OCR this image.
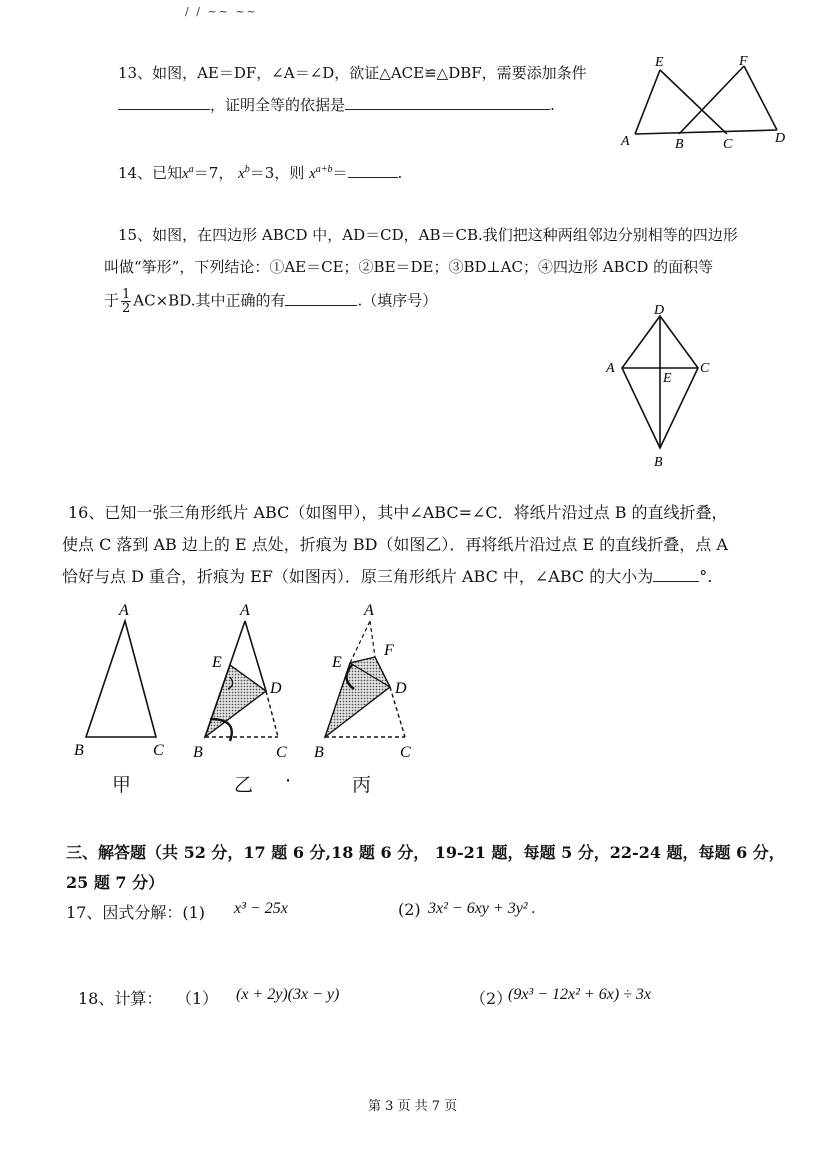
/ / ~~ ~~
13、如图，AE＝DF，∠A＝∠D，欲证△ACE≌△DBF，需要添加条件
，证明全等的依据是	.
E	F
A	B	C	D
14、已知$x^a=7$， $x^b=3$，则 $x^{a+b}=$	.
15、如图，在四边形 ABCD 中，AD＝CD，AB＝CB.我们把这种两组邻边分别相等的四边形
叫做“筝形”，下列结论：①AE＝CE；②BE＝DE；③BD⊥AC；④四边形 ABCD 的面积等
于 $\frac{1}{2} AC\times BD$.其中正确的有	.（填序号）
D
A
E
C
B
16、已知一张三角形纸片 ABC（如图甲），其中∠ABC=∠C．将纸片沿过点 B 的直线折叠，
使点 C 落到 AB 边上的 E 点处，折痕为 BD（如图乙）．再将纸片沿过点 E 的直线折叠，点 A
恰好与点 D 重合，折痕为 EF（如图丙）．原三角形纸片 ABC 中，∠ABC 的大小为	°.
A
B	C
A
E
D
B	C
A
E
F
D
B	C
甲	乙 ·	丙
三、解答题（共 52 分，17 题 6 分,18 题 6 分， 19-21 题，每题 5 分，22-24 题，每题 6 分，
25 题 7 分）
17、因式分解：(1) x³ − 25x	(2) 3x² − 6xy + 3y² .
18、计算： （1） (x + 2y)(3x − y)	（2）
(9x³ − 12x² + 6x) ÷ 3x
第 3 页 共 7 页
